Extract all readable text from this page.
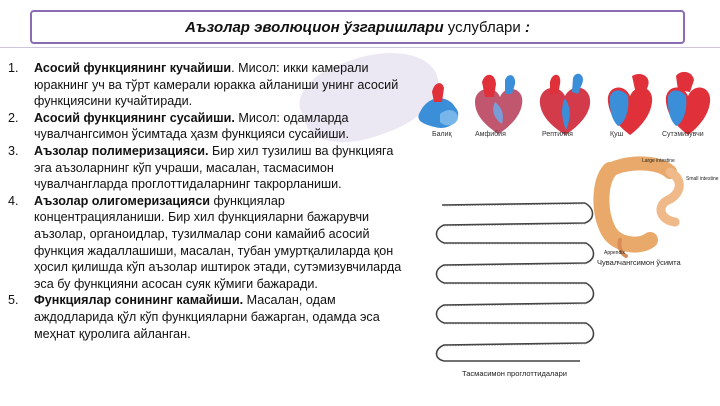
Аъзолар эволюцион ўзгаришлари услублари :
1. Асосий функциянинг кучайиши. Мисол: икки камерали юракнинг уч ва тўрт камерали юракка айланиши унинг асосий функциясини кучайтиради.
2. Асосий функциянинг сусайиши. Мисол: одамларда чувалчангсимон ўсимтада ҳазм функцияси сусайиши.
3. Аъзолар полимеризацияси. Бир хил тузилиш ва функцияга эга аъзоларнинг кўп учраши, масалан, тасмасимон чувалчангларда проглоттидаларнинг такрорланиши.
4. Аъзолар олигомеризацияси функциялар концентрацияланиши. Бир хил функцияларни бажарувчи аъзолар, органоидлар, тузилмалар сони камайиб асосий функция жадаллашиши, масалан, тубан умуртқалиларда қон ҳосил қилишда кўп аъзолар иштирок этади, сутэмизувчиларда эса бу функцияни асосан суяк кўмиги бажаради.
5. Функциялар сонининг камайиши. Масалан, одам аждодларида қўл кўп функцияларни бажарган, одамда эса меҳнат қуролига айланган.
Балиқ	Амфибия	Рептилия	Қуш	Сутэмизувчи
Large intestine
Small intestine
Appendix
Чувалчангсимон ўсимта
Тасмасимон проглоттидалари
